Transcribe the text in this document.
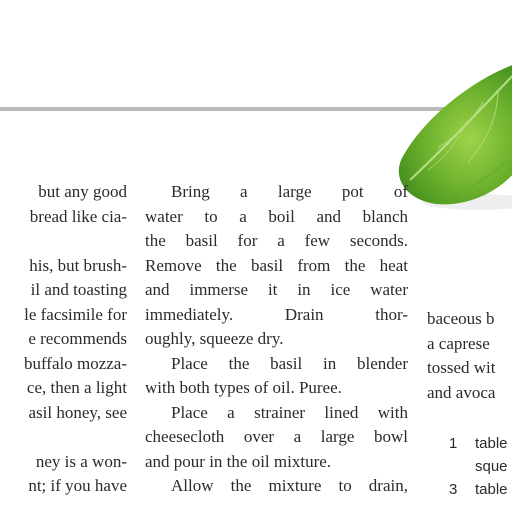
but any good
bread like cia-

his, but brush-
il and toasting
le facsimile for
e recommends
buffalo mozza-
ce, then a light
asil honey, see

ney is a won-
nt; if you have
Bring a large pot of
water to a boil and blanch
the basil for a few seconds.
Remove the basil from the heat
and immerse it in ice water
immediately. Drain thor-
oughly, squeeze dry.
Place the basil in blender
with both types of oil. Puree.
Place a strainer lined with
cheesecloth over a large bowl
and pour in the oil mixture.
Allow the mixture to drain,
baceous b
a caprese
tossed wit
and avoca
1 table
sque
3 table
